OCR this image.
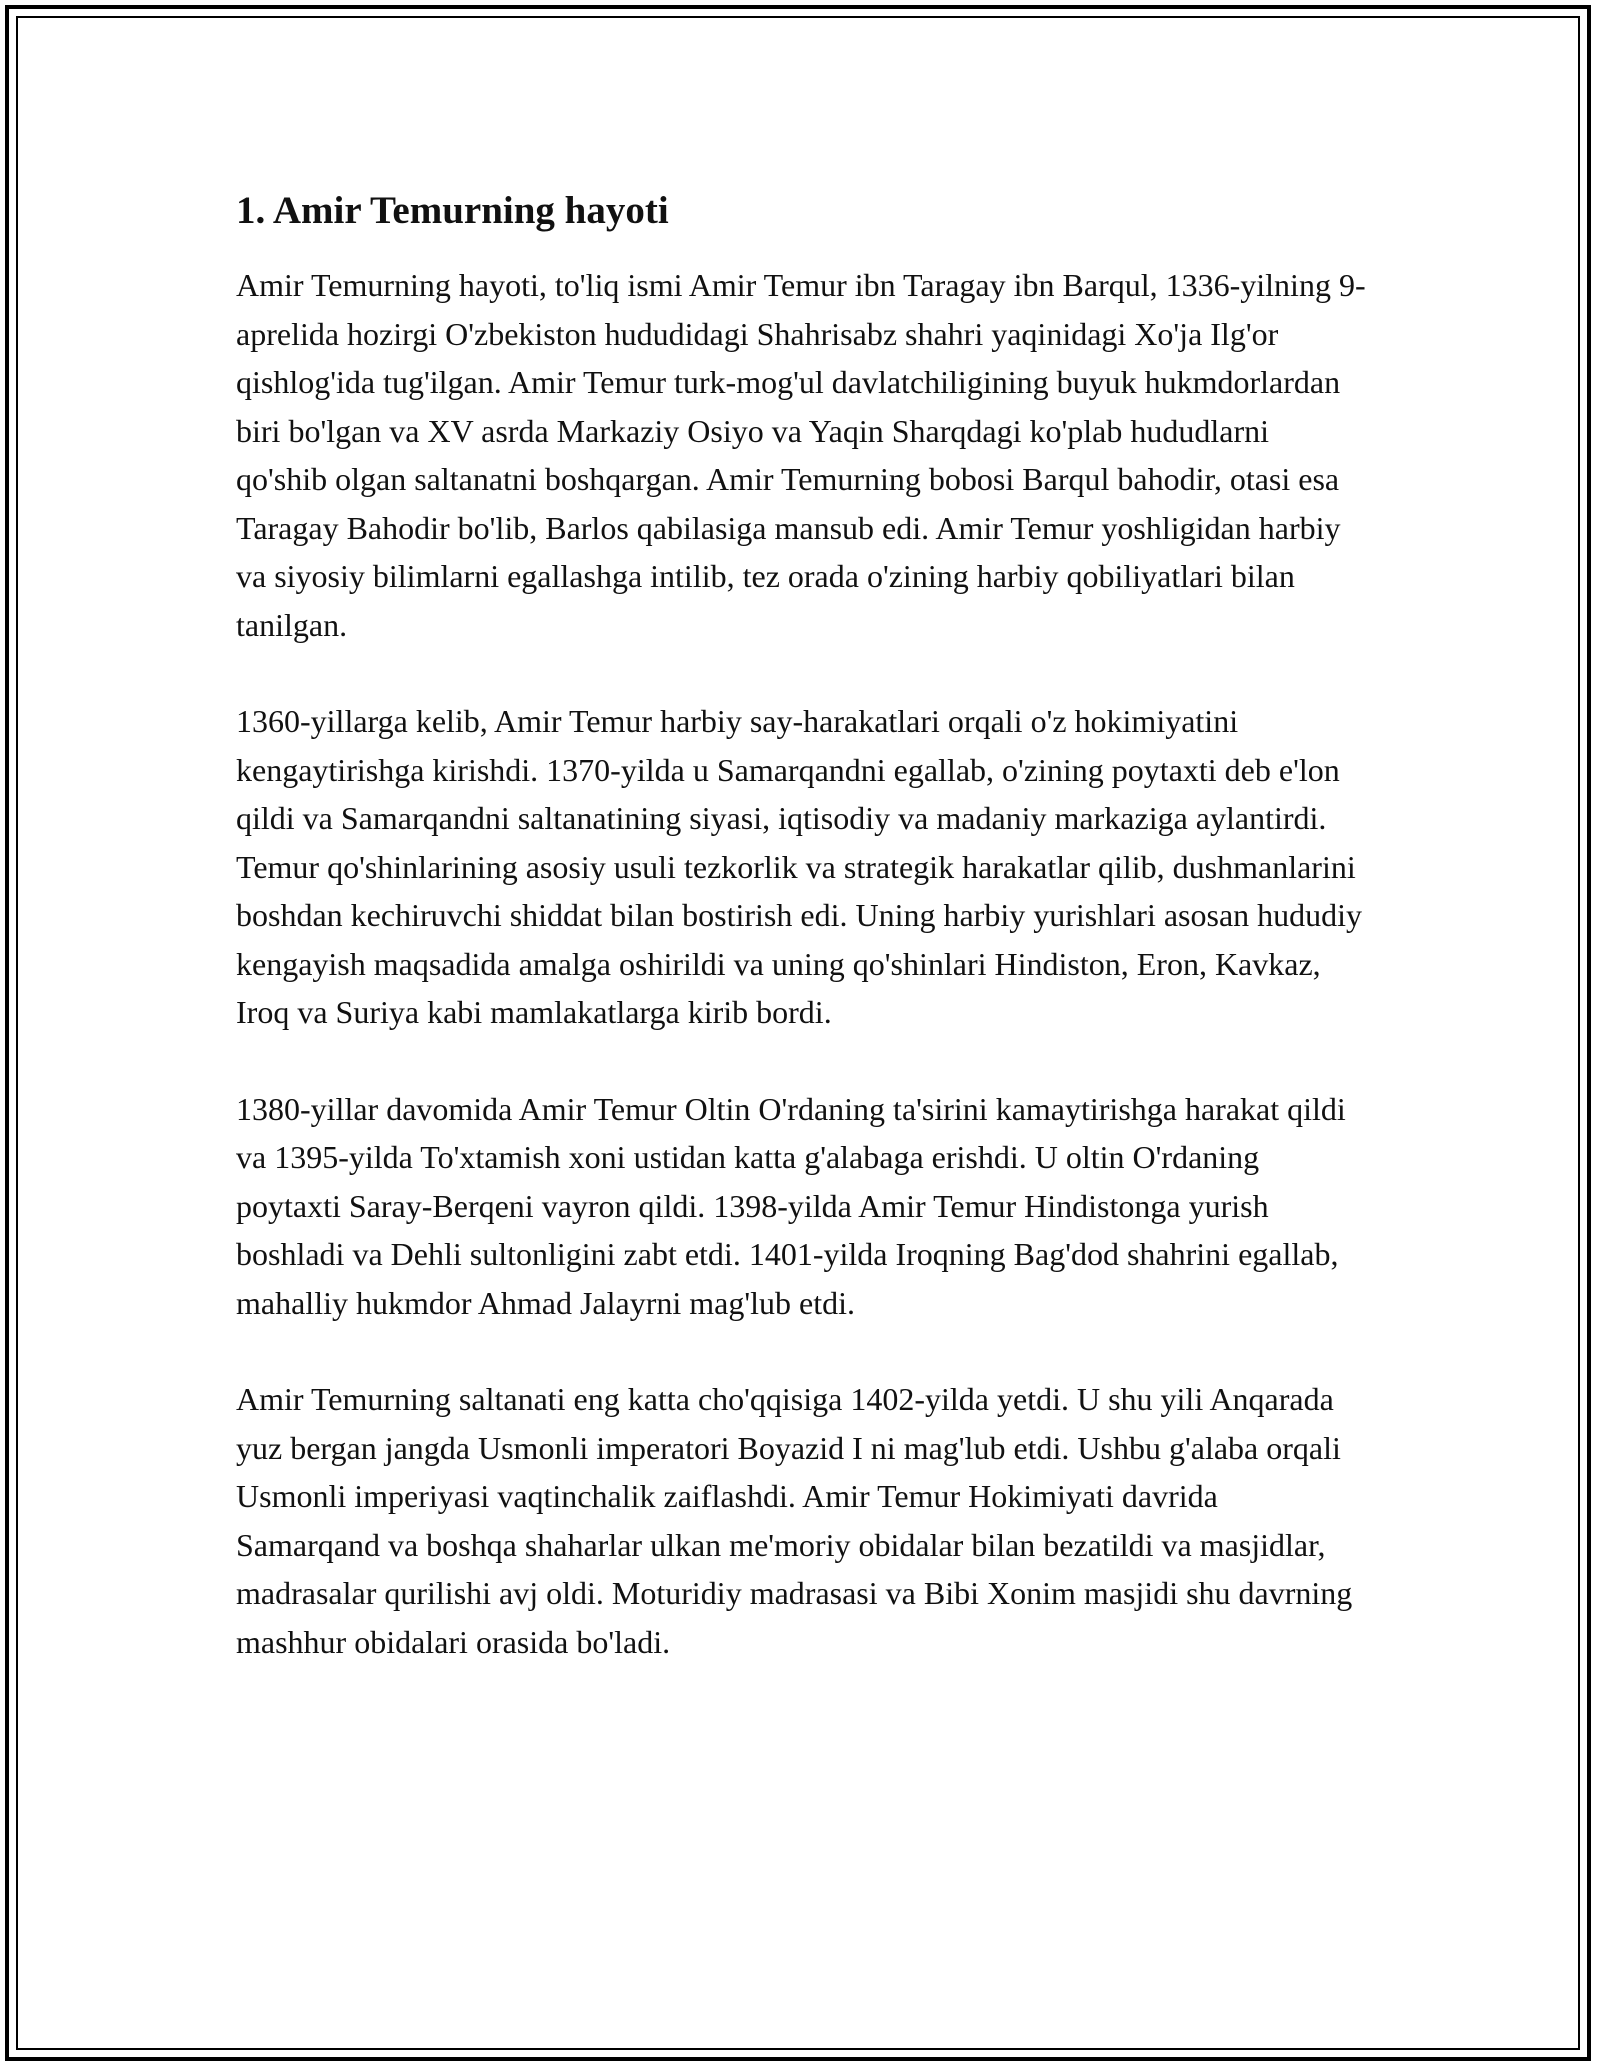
1. Amir Temurning hayoti

Amir Temurning hayoti, to'liq ismi Amir Temur ibn Taragay ibn Barqul, 1336-yilning 9-aprelida hozirgi O'zbekiston hududidagi Shahrisabz shahri yaqinidagi Xo'ja Ilg'or qishlog'ida tug'ilgan. Amir Temur turk-mog'ul davlatchiligining buyuk hukmdorlardan biri bo'lgan va XV asrda Markaziy Osiyo va Yaqin Sharqdagi ko'plab hududlarni qo'shib olgan saltanatni boshqargan. Amir Temurning bobosi Barqul bahodir, otasi esa Taragay Bahodir bo'lib, Barlos qabilasiga mansub edi. Amir Temur yoshligidan harbiy va siyosiy bilimlarni egallashga intilib, tez orada o'zining harbiy qobiliyatlari bilan tanilgan.

1360-yillarga kelib, Amir Temur harbiy say-harakatlari orqali o'z hokimiyatini kengaytirishga kirishdi. 1370-yilda u Samarqandni egallab, o'zining poytaxti deb e'lon qildi va Samarqandni saltanatining siyasi, iqtisodiy va madaniy markaziga aylantirdi. Temur qo'shinlarining asosiy usuli tezkorlik va strategik harakatlar qilib, dushmanlarini boshdan kechiruvchi shiddat bilan bostirish edi. Uning harbiy yurishlari asosan hududiy kengayish maqsadida amalga oshirildi va uning qo'shinlari Hindiston, Eron, Kavkaz, Iroq va Suriya kabi mamlakatlarga kirib bordi.

1380-yillar davomida Amir Temur Oltin O'rdaning ta'sirini kamaytirishga harakat qildi va 1395-yilda To'xtamish xoni ustidan katta g'alabaga erishdi. U oltin O'rdaning poytaxti Saray-Berqeni vayron qildi. 1398-yilda Amir Temur Hindistonga yurish boshladi va Dehli sultonligini zabt etdi. 1401-yilda Iroqning Bag'dod shahrini egallab, mahalliy hukmdor Ahmad Jalayrni mag'lub etdi.

Amir Temurning saltanati eng katta cho'qqisiga 1402-yilda yetdi. U shu yili Anqarada yuz bergan jangda Usmonli imperatori Boyazid I ni mag'lub etdi. Ushbu g'alaba orqali Usmonli imperiyasi vaqtinchalik zaiflashdi. Amir Temur Hokimiyati davrida Samarqand va boshqa shaharlar ulkan me'moriy obidalar bilan bezatildi va masjidlar, madrasalar qurilishi avj oldi. Moturidiy madrasasi va Bibi Xonim masjidi shu davrning mashhur obidalari orasida bo'ladi.
